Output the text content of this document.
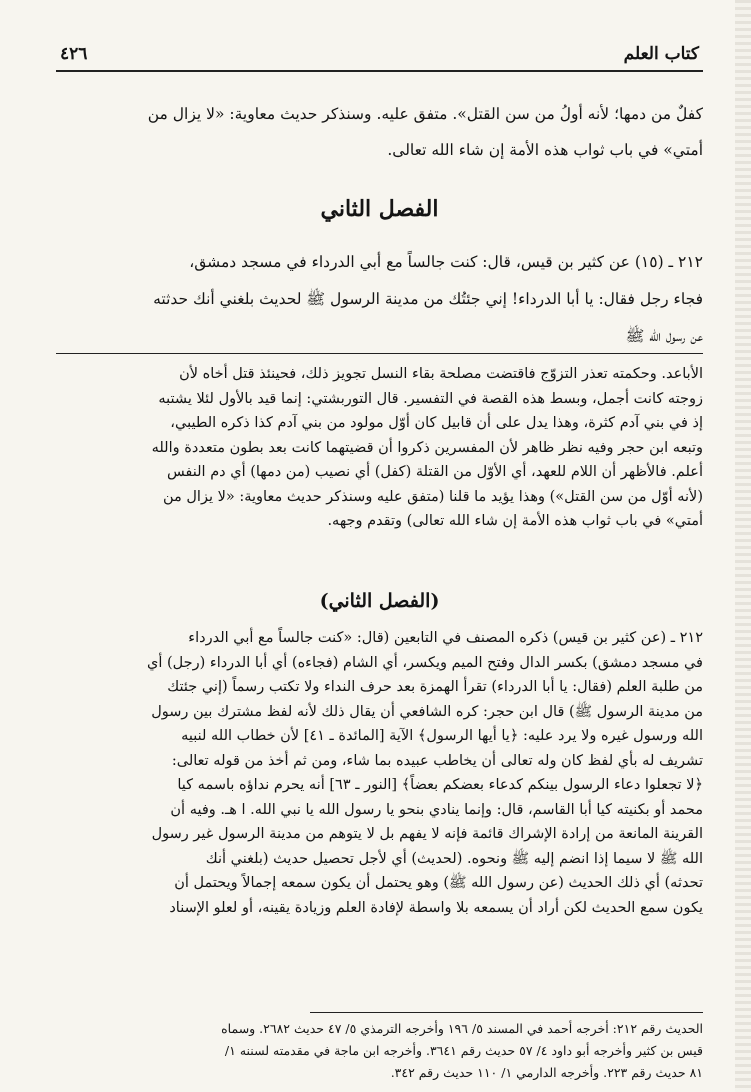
كتاب العلم
٤٢٦
كفلٌ من دمها؛ لأنه أولُ من سن القتل». متفق عليه. وسنذكر حديث معاوية: «لا يزال من
أمتي» في باب ثواب هذه الأمة إن شاء الله تعالى.
الفصل الثاني
٢١٢ ـ (١٥) عن كثير بن قيس، قال: كنت جالساً مع أبي الدرداء في مسجد دمشق،
فجاء رجل فقال: يا أبا الدرداء! إني جئتُك من مدينة الرسول ﷺ لحديث بلغني أنك حدثته
عن رسول الله ﷺ
الأباعد. وحكمته تعذر التزوّج فاقتضت مصلحة بقاء النسل تجويز ذلك، فحينئذ قتل أخاه لأن
زوجته كانت أجمل، وبسط هذه القصة في التفسير. قال التوربشتي: إنما قيد بالأول لئلا يشتبه
إذ في بني آدم كثرة، وهذا يدل على أن قابيل كان أوّل مولود من بني آدم كذا ذكره الطيبي،
وتبعه ابن حجر وفيه نظر ظاهر لأن المفسرين ذكروا أن قضيتهما كانت بعد بطون متعددة والله
أعلم. فالأظهر أن اللام للعهد، أي الأوّل من القتلة (كفل) أي نصيب (من دمها) أي دم النفس
(لأنه أوّل من سن القتل») وهذا يؤيد ما قلنا (متفق عليه وسنذكر حديث معاوية: «لا يزال من
أمتي» في باب ثواب هذه الأمة إن شاء الله تعالى) وتقدم وجهه.
(الفصل الثاني)
٢١٢ ـ (عن كثير بن قيس) ذكره المصنف في التابعين (قال: «كنت جالساً مع أبي الدرداء
في مسجد دمشق) بكسر الدال وفتح الميم ويكسر، أي الشام (فجاءه) أي أبا الدرداء (رجل) أي
من طلبة العلم (فقال: يا أبا الدرداء) تقرأ الهمزة بعد حرف النداء ولا تكتب رسماً (إني جئتك
من مدينة الرسول ﷺ) قال ابن حجر: كره الشافعي أن يقال ذلك لأنه لفظ مشترك بين رسول
الله ورسول غيره ولا يرد عليه: ﴿يا أيها الرسول﴾ الآية [المائدة ـ ٤١] لأن خطاب الله لنبيه
تشريف له بأي لفظ كان وله تعالى أن يخاطب عبيده بما شاء، ومن ثم أخذ من قوله تعالى:
﴿لا تجعلوا دعاء الرسول بينكم كدعاء بعضكم بعضاً﴾ [النور ـ ٦٣] أنه يحرم نداؤه باسمه كيا
محمد أو بكنيته كيا أبا القاسم، قال: وإنما ينادي بنحو يا رسول الله يا نبي الله. ا هـ. وفيه أن
القرينة المانعة من إرادة الإشراك قائمة فإنه لا يفهم بل لا يتوهم من مدينة الرسول غير رسول
الله ﷺ لا سيما إذا انضم إليه ﷺ ونحوه. (لحديث) أي لأجل تحصيل حديث (بلغني أنك
تحدثه) أي ذلك الحديث (عن رسول الله ﷺ) وهو يحتمل أن يكون سمعه إجمالاً ويحتمل أن
يكون سمع الحديث لكن أراد أن يسمعه بلا واسطة لإفادة العلم وزيادة يقينه، أو لعلو الإسناد
الحديث رقم ٢١٢: أخرجه أحمد في المسند ٥/ ١٩٦ وأخرجه الترمذي ٥/ ٤٧ حديث ٢٦٨٢. وسماه
قيس بن كثير وأخرجه أبو داود ٤/ ٥٧ حديث رقم ٣٦٤١. وأخرجه ابن ماجة في مقدمته لسننه ١/
٨١ حديث رقم ٢٢٣. وأخرجه الدارمي ١/ ١١٠ حديث رقم ٣٤٢.
